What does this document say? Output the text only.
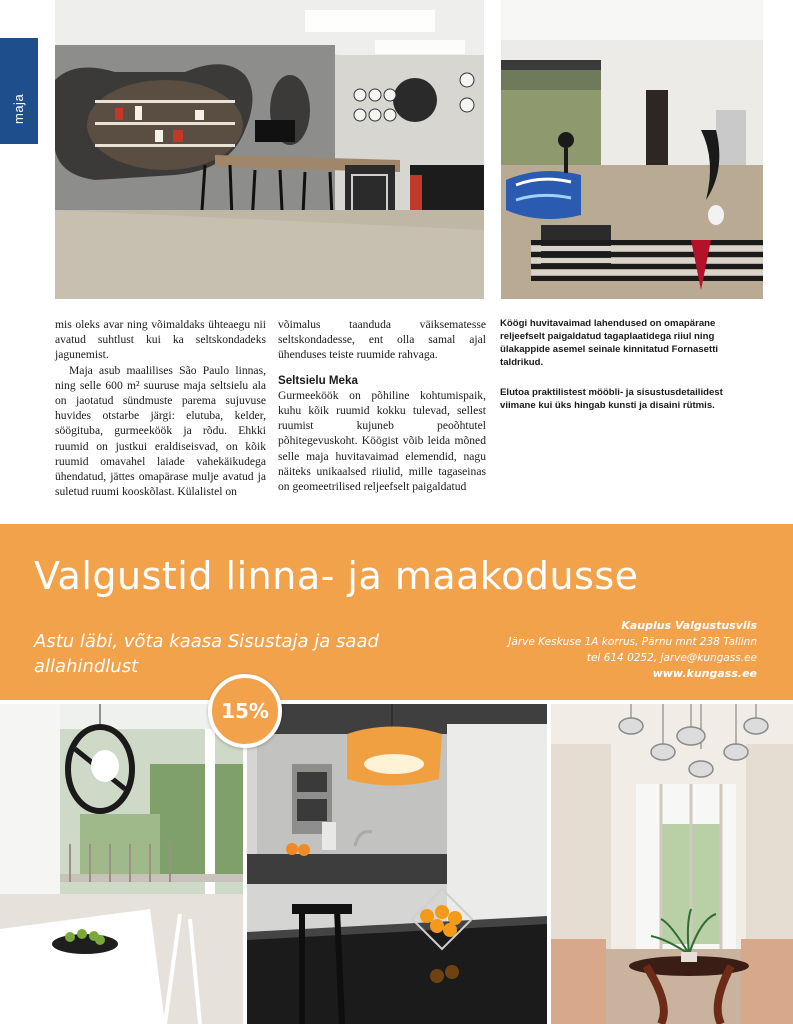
maja

mis oleks avar ning võimaldaks ühteaegu nii avatud suhtlust kui ka seltskondadeks jagunemist.

Maja asub maalilises São Paulo linnas, ning selle 600 m² suuruse maja seltsielu ala on jaotatud sündmuste parema sujuvuse huvides otstarbe järgi: elutuba, kelder, söögituba, gurmeeköök ja rõdu. Ehkki ruumid on justkui eraldiseisvad, on kõik ruumid omavahel laiade vahekäikudega ühendatud, jättes omapärase mulje avatud ja suletud ruumi kooskõlast. Külalistel on

võimalus taanduda väiksematesse seltskondadesse, ent olla samal ajal ühenduses teiste ruumide rahvaga.

Seltsielu Meka

Gurmeeköök on põhiline kohtumispaik, kuhu kõik ruumid kokku tulevad, sellest ruumist kujuneb peoõhtutel põhitegevuskoht. Köögist võib leida mõned selle maja huvitavaimad elemendid, nagu näiteks unikaalsed riiulid, mille tagaseinas on geomeetrilised reljeefselt paigaldatud

Köögi huvitavaimad lahendused on omapärane reljeefselt paigaldatud tagaplaatidega riiul ning ülakappide asemel seinale kinnitatud Fornasetti taldrikud.
Elutoa praktilistest mööbli- ja sisustusdetailidest viimane kui üks hingab kunsti ja disaini rütmis.
Valgustid linna- ja maakodusse
Astu läbi, võta kaasa Sisustaja ja saad allahindlust
Kauplus Valgustusviis
Järve Keskuse 1A korrus, Pärnu mnt 238 Tallinn
tel 614 0252, jarve@kungass.ee
www.kungass.ee
15%
